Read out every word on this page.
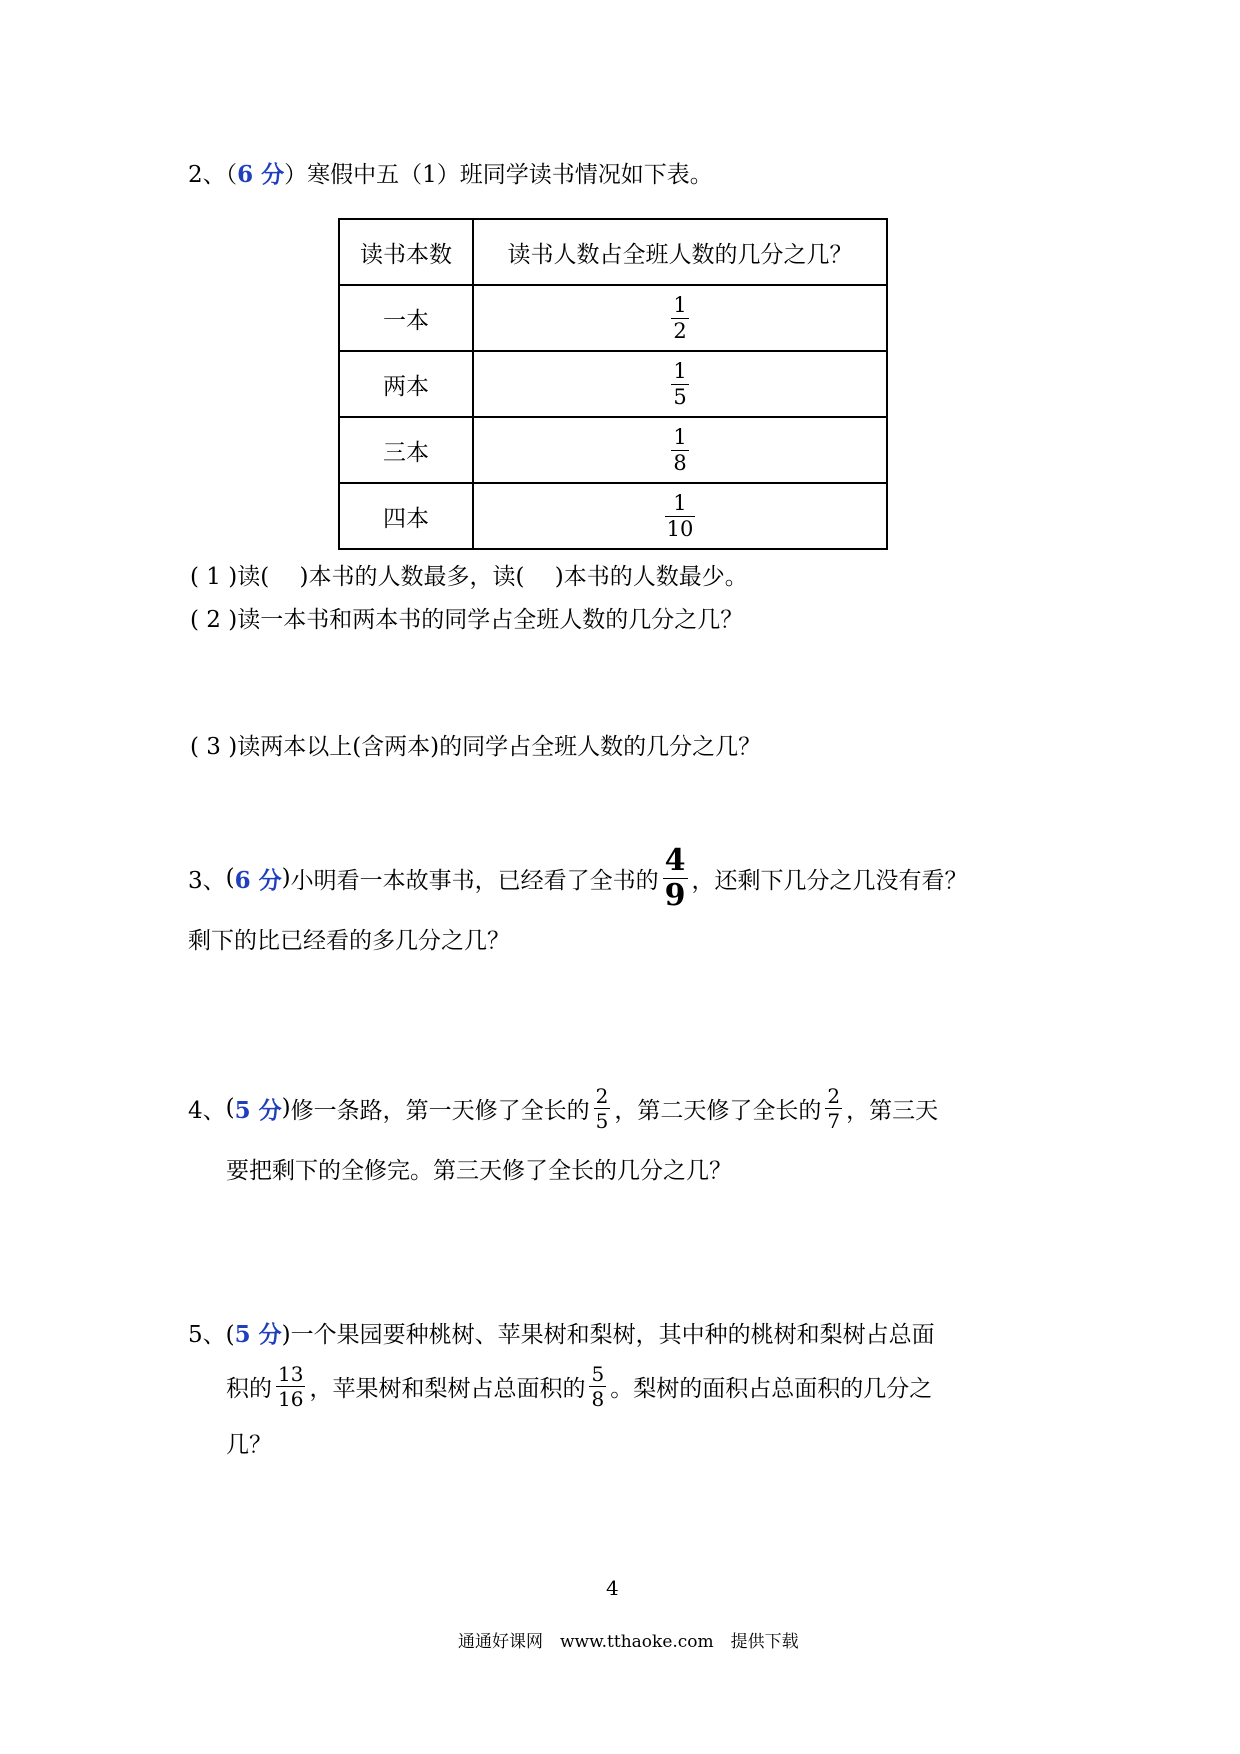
2、（6 分）寒假中五（1）班同学读书情况如下表。
读书本数	读书人数占全班人数的几分之几？
一本	$\frac{1}{2}$

两本	$\frac{1}{5}$

三本	$\frac{1}{8}$

四本	$\frac{1}{10}$
( 1 )读(　 )本书的人数最多，读(　 )本书的人数最少。
( 2 )读一本书和两本书的同学占全班人数的几分之几？
( 3 )读两本以上(含两本)的同学占全班人数的几分之几？
3、 ( 6 分 ) 小明看一本故事书，已经看了全书的 $\frac{4}{9}$ ，还剩下几分之几没有看？
剩下的比已经看的多几分之几？
4、 ( 5 分 ) 修一条路，第一天修了全长的 $\frac{2}{5}$ ，第二天修了全长的 $\frac{2}{7}$ ，第三天
要把剩下的全修完。第三天修了全长的几分之几？
5、(5 分)一个果园要种桃树、苹果树和梨树，其中种的桃树和梨树占总面
积的 $\frac{13}{16}$ ，苹果树和梨树占总面积的 $\frac{5}{8}$ 。梨树的面积占总面积的几分之
几？
4
通通好课网　www.tthaoke.com　提供下载
